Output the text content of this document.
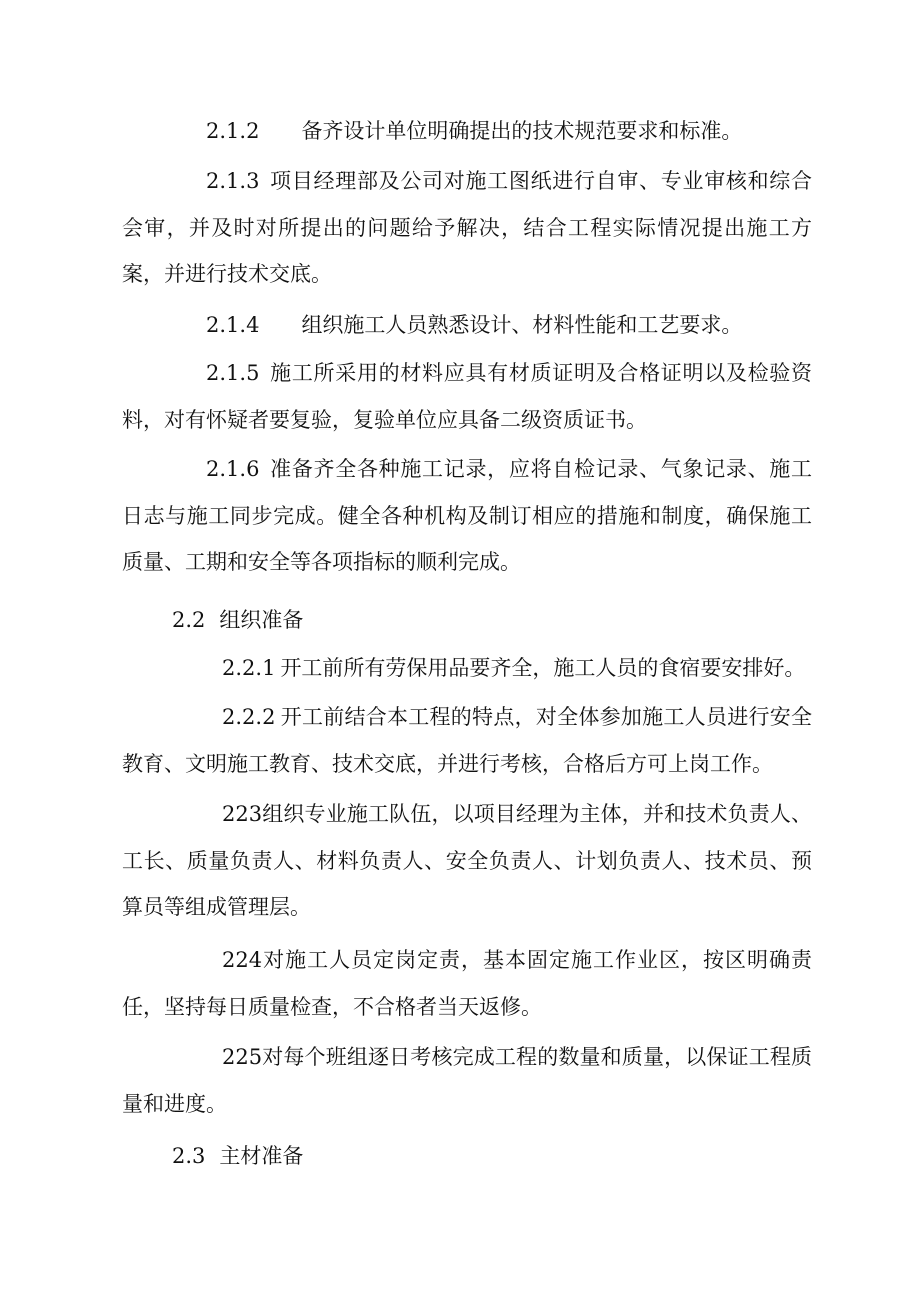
2.1.2 备齐设计单位明确提出的技术规范要求和标准。

2.1.3 项目经理部及公司对施工图纸进行自审、专业审核和综合会审，并及时对所提出的问题给予解决，结合工程实际情况提出施工方案，并进行技术交底。

2.1.4 组织施工人员熟悉设计、材料性能和工艺要求。

2.1.5 施工所采用的材料应具有材质证明及合格证明以及检验资料，对有怀疑者要复验，复验单位应具备二级资质证书。

2.1.6 准备齐全各种施工记录，应将自检记录、气象记录、施工日志与施工同步完成。健全各种机构及制订相应的措施和制度，确保施工质量、工期和安全等各项指标的顺利完成。

2.2 组织准备

2.2.1 开工前所有劳保用品要齐全，施工人员的食宿要安排好。

2.2.2 开工前结合本工程的特点，对全体参加施工人员进行安全教育、文明施工教育、技术交底，并进行考核，合格后方可上岗工作。

223组织专业施工队伍，以项目经理为主体，并和技术负责人、工长、质量负责人、材料负责人、安全负责人、计划负责人、技术员、预算员等组成管理层。

224对施工人员定岗定责，基本固定施工作业区，按区明确责任，坚持每日质量检查，不合格者当天返修。

225对每个班组逐日考核完成工程的数量和质量，以保证工程质量和进度。

2.3 主材准备
